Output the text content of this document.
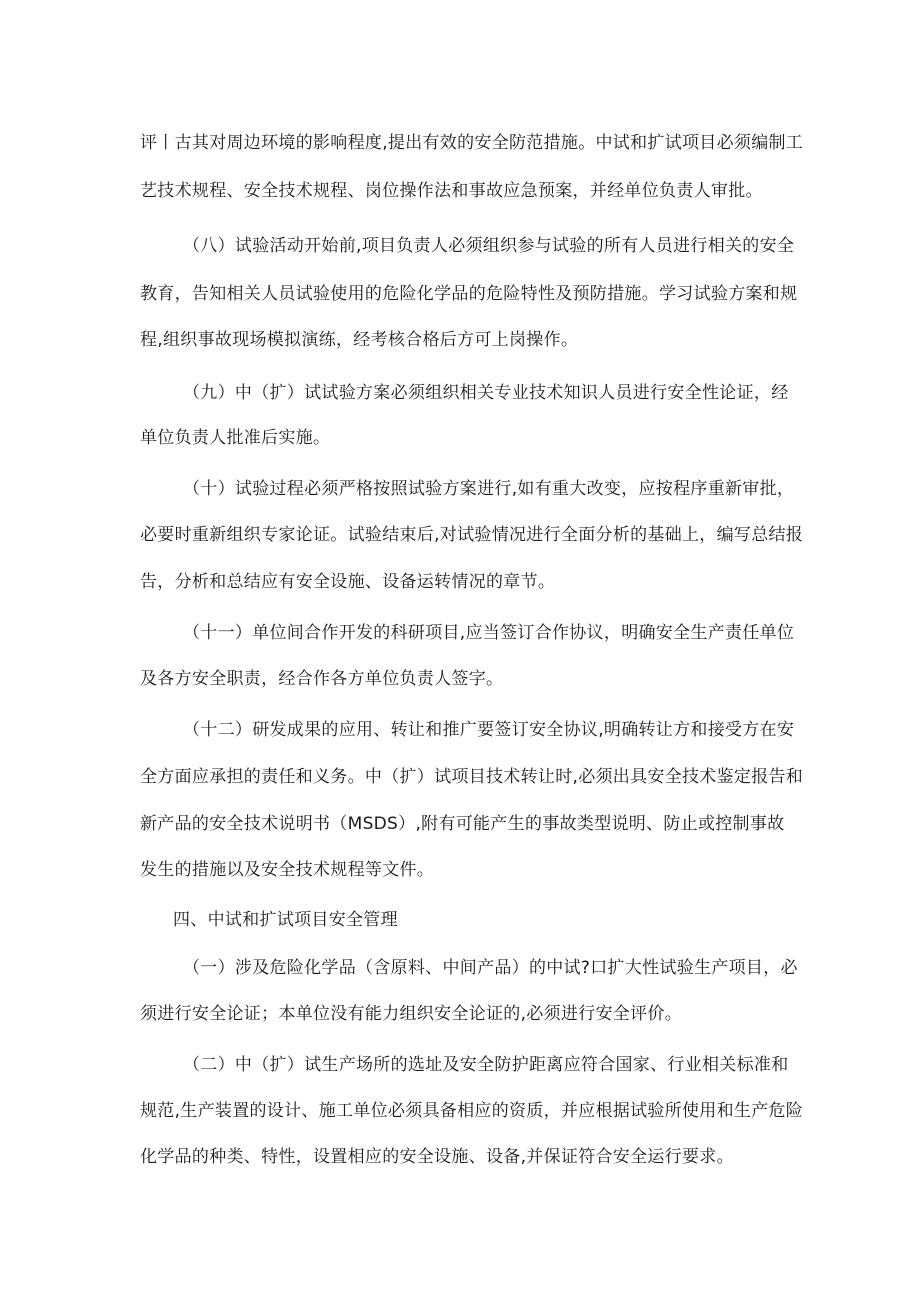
评丨古其对周边环境的影响程度,提出有效的安全防范措施。中试和扩试项目必须编制工
艺技术规程、安全技术规程、岗位操作法和事故应急预案，并经单位负责人审批。
（八）试验活动开始前,项目负责人必须组织参与试验的所有人员进行相关的安全
教育，告知相关人员试验使用的危险化学品的危险特性及预防措施。学习试验方案和规
程,组织事故现场模拟演练，经考核合格后方可上岗操作。
（九）中（扩）试试验方案必须组织相关专业技术知识人员进行安全性论证，经
单位负责人批准后实施。
（十）试验过程必须严格按照试验方案进行,如有重大改变，应按程序重新审批，
必要时重新组织专家论证。试验结束后,对试验情况进行全面分析的基础上，编写总结报
告，分析和总结应有安全设施、设备运转情况的章节。
（十一）单位间合作开发的科研项目,应当签订合作协议，明确安全生产责任单位
及各方安全职责，经合作各方单位负责人签字。
（十二）研发成果的应用、转让和推广要签订安全协议,明确转让方和接受方在安
全方面应承担的责任和义务。中（扩）试项目技术转让时,必须出具安全技术鉴定报告和
新产品的安全技术说明书（MSDS）,附有可能产生的事故类型说明、防止或控制事故
发生的措施以及安全技术规程等文件。
四、中试和扩试项目安全管理
（一）涉及危险化学品（含原料、中间产品）的中试?口扩大性试验生产项目，必
须进行安全论证；本单位没有能力组织安全论证的,必须进行安全评价。
（二）中（扩）试生产场所的选址及安全防护距离应符合国家、行业相关标准和
规范,生产装置的设计、施工单位必须具备相应的资质，并应根据试验所使用和生产危险
化学品的种类、特性，设置相应的安全设施、设备,并保证符合安全运行要求。
